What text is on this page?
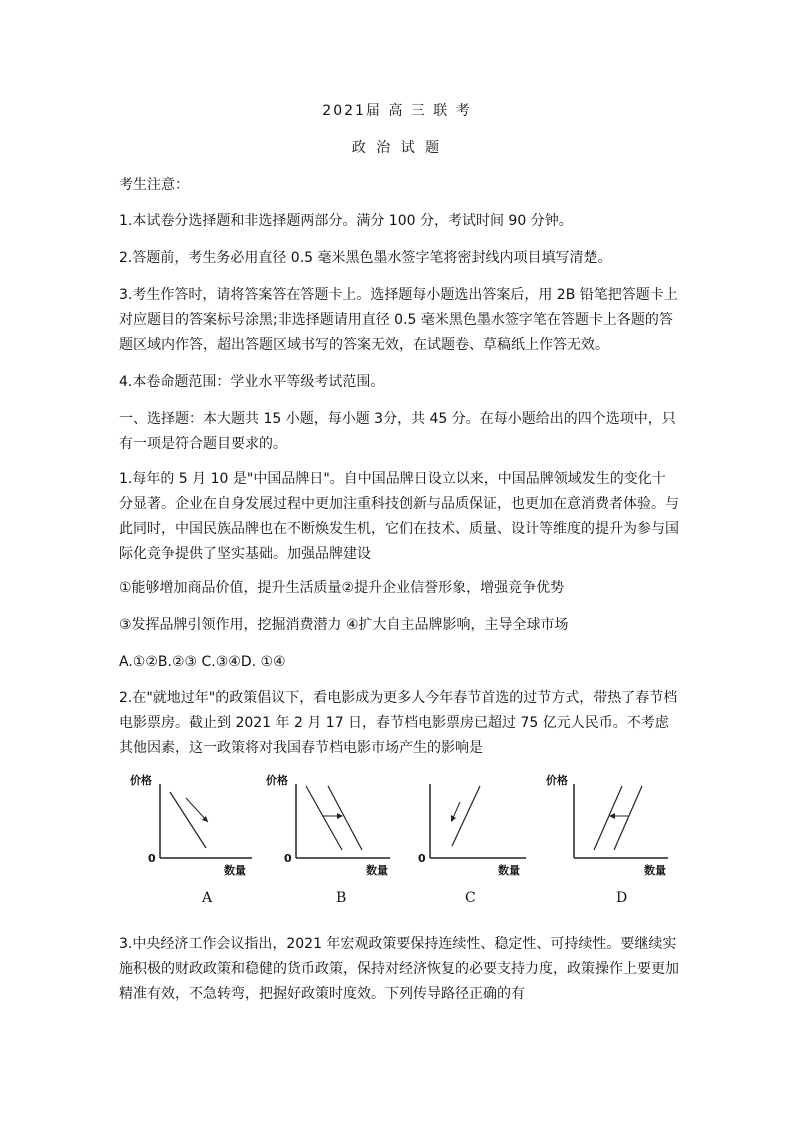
2021届 高 三 联 考
政 治 试 题
考生注意：
1.本试卷分选择题和非选择题两部分。满分 100 分，考试时间 90 分钟。
2.答题前，考生务必用直径 0.5 毫米黑色墨水签字笔将密封线内项目填写清楚。
3.考生作答时，请将答案答在答题卡上。选择题每小题选出答案后，用 2B 铅笔把答题卡上对应题目的答案标号涂黑;非选择题请用直径 0.5 毫米黑色墨水签字笔在答题卡上各题的答题区域内作答，超出答题区域书写的答案无效，在试题卷、草稿纸上作答无效。
4.本卷命题范围：学业水平等级考试范围。
一、选择题：本大题共 15 小题，每小题 3分，共 45 分。在每小题给出的四个选项中，只有一项是符合题目要求的。
1.每年的 5 月 10 是"中国品牌日"。自中国品牌日设立以来，中国品牌领域发生的变化十分显著。企业在自身发展过程中更加注重科技创新与品质保证，也更加在意消费者体验。与此同时，中国民族品牌也在不断焕发生机，它们在技术、质量、设计等维度的提升为参与国际化竞争提供了坚实基础。加强品牌建设
①能够增加商品价值，提升生活质量②提升企业信誉形象，增强竞争优势
③发挥品牌引领作用，挖掘消费潜力 ④扩大自主品牌影响，主导全球市场
A.①②B.②③ C.③④D. ①④
2.在"就地过年"的政策倡议下，看电影成为更多人今年春节首选的过节方式，带热了春节档电影票房。截止到 2021 年 2 月 17 日，春节档电影票房已超过 75 亿元人民币。不考虑其他因素，这一政策将对我国春节档电影市场产生的影响是
价格
0
数量
A
价格
0
数量
B
0
数量
C
价格
数量
D
3.中央经济工作会议指出，2021 年宏观政策要保持连续性、稳定性、可持续性。要继续实施积极的财政政策和稳健的货币政策，保持对经济恢复的必要支持力度，政策操作上要更加精准有效，不急转弯，把握好政策时度效。下列传导路径正确的有
